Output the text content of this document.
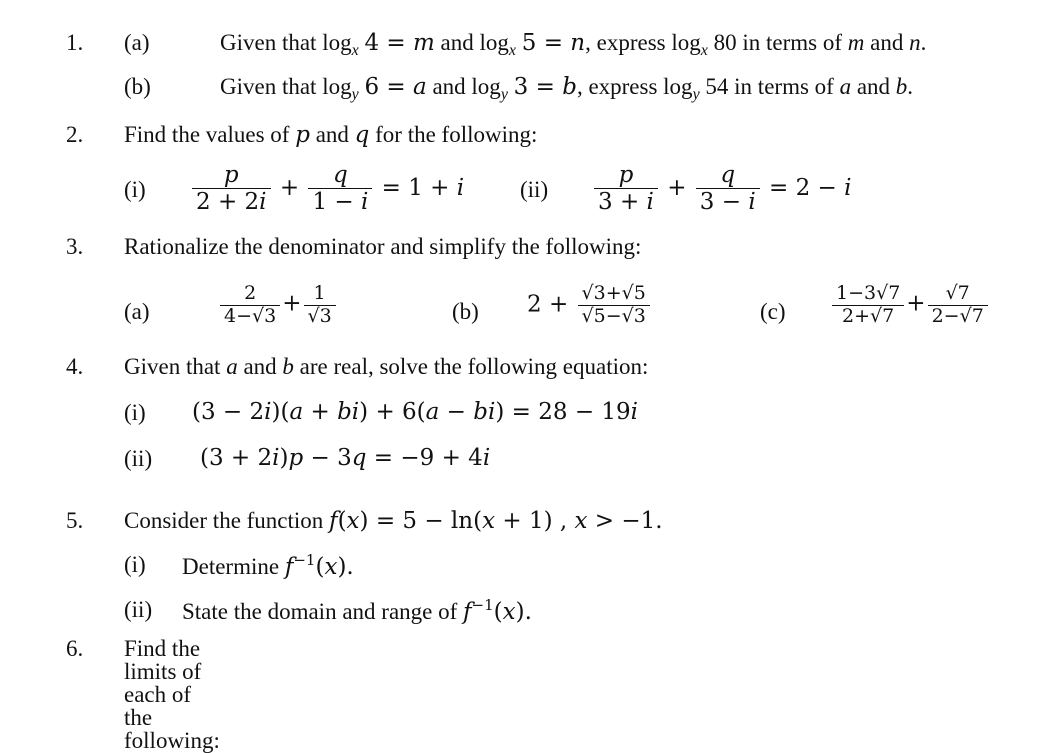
1. (a)	Given that $\log_x 4 = m$ and $\log_x 5 = n$, express $\log_x 80$ in terms of m and n.
(b)	Given that $\log_y 6 = a$ and $\log_y 3 = b$, express $\log_y 54$ in terms of a and b.
2. Find the values of p and q for the following:
$(i) \frac{p}{2 + 2i} + \frac{q}{1 - i} = 1 + i$ $(ii) \frac{p}{3 + i} + \frac{q}{3 - i} = 2 - i$
3. Rationalize the denominator and simplify the following:
(a)	$\frac{2}{4-√3} + \frac{1}{√3}$	(b) $2 + \frac{√3+√5}{√5-√3}$	$(c) \frac{1-3√7}{2+√7} + \frac{√7}{2-√7}$
4. Given that a and b are real, solve the following equation:
(i) (3 − 2i)(a + bi) + 6(a − bi) = 28 − 19i
(ii) (3 + 2i)p − 3q = −9 + 4i
5. Consider the function f(x) = 5 − ln(x + 1) , x > −1.
(i) Determine $f^{-1}(x)$.
(ii) State the domain and range of $f^{-1}(x)$.
6. Find the limits of each of the following:
